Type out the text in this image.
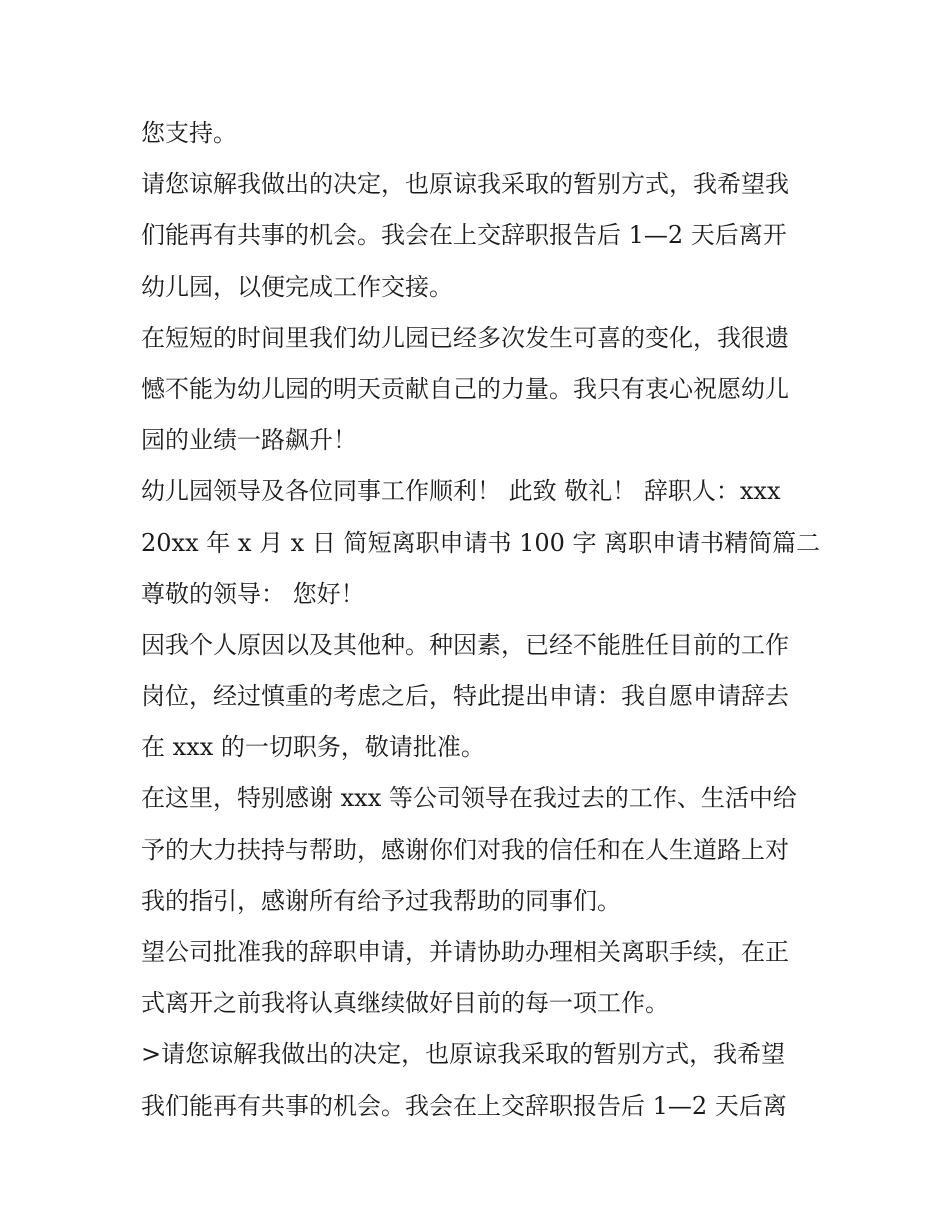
您支持。
请您谅解我做出的决定，也原谅我采取的暂别方式，我希望我
们能再有共事的机会。我会在上交辞职报告后 1—2 天后离开
幼儿园，以便完成工作交接。
在短短的时间里我们幼儿园已经多次发生可喜的变化，我很遗
憾不能为幼儿园的明天贡献自己的力量。我只有衷心祝愿幼儿
园的业绩一路飙升！
幼儿园领导及各位同事工作顺利！ 此致 敬礼！ 辞职人：xxx
20xx 年 x 月 x 日 简短离职申请书 100 字 离职申请书精简篇二
尊敬的领导： 您好！
因我个人原因以及其他种。种因素，已经不能胜任目前的工作
岗位，经过慎重的考虑之后，特此提出申请：我自愿申请辞去
在 xxx 的一切职务，敬请批准。
在这里，特别感谢 xxx 等公司领导在我过去的工作、生活中给
予的大力扶持与帮助，感谢你们对我的信任和在人生道路上对
我的指引，感谢所有给予过我帮助的同事们。
望公司批准我的辞职申请，并请协助办理相关离职手续，在正
式离开之前我将认真继续做好目前的每一项工作。
>请您谅解我做出的决定，也原谅我采取的暂别方式，我希望
我们能再有共事的机会。我会在上交辞职报告后 1—2 天后离
